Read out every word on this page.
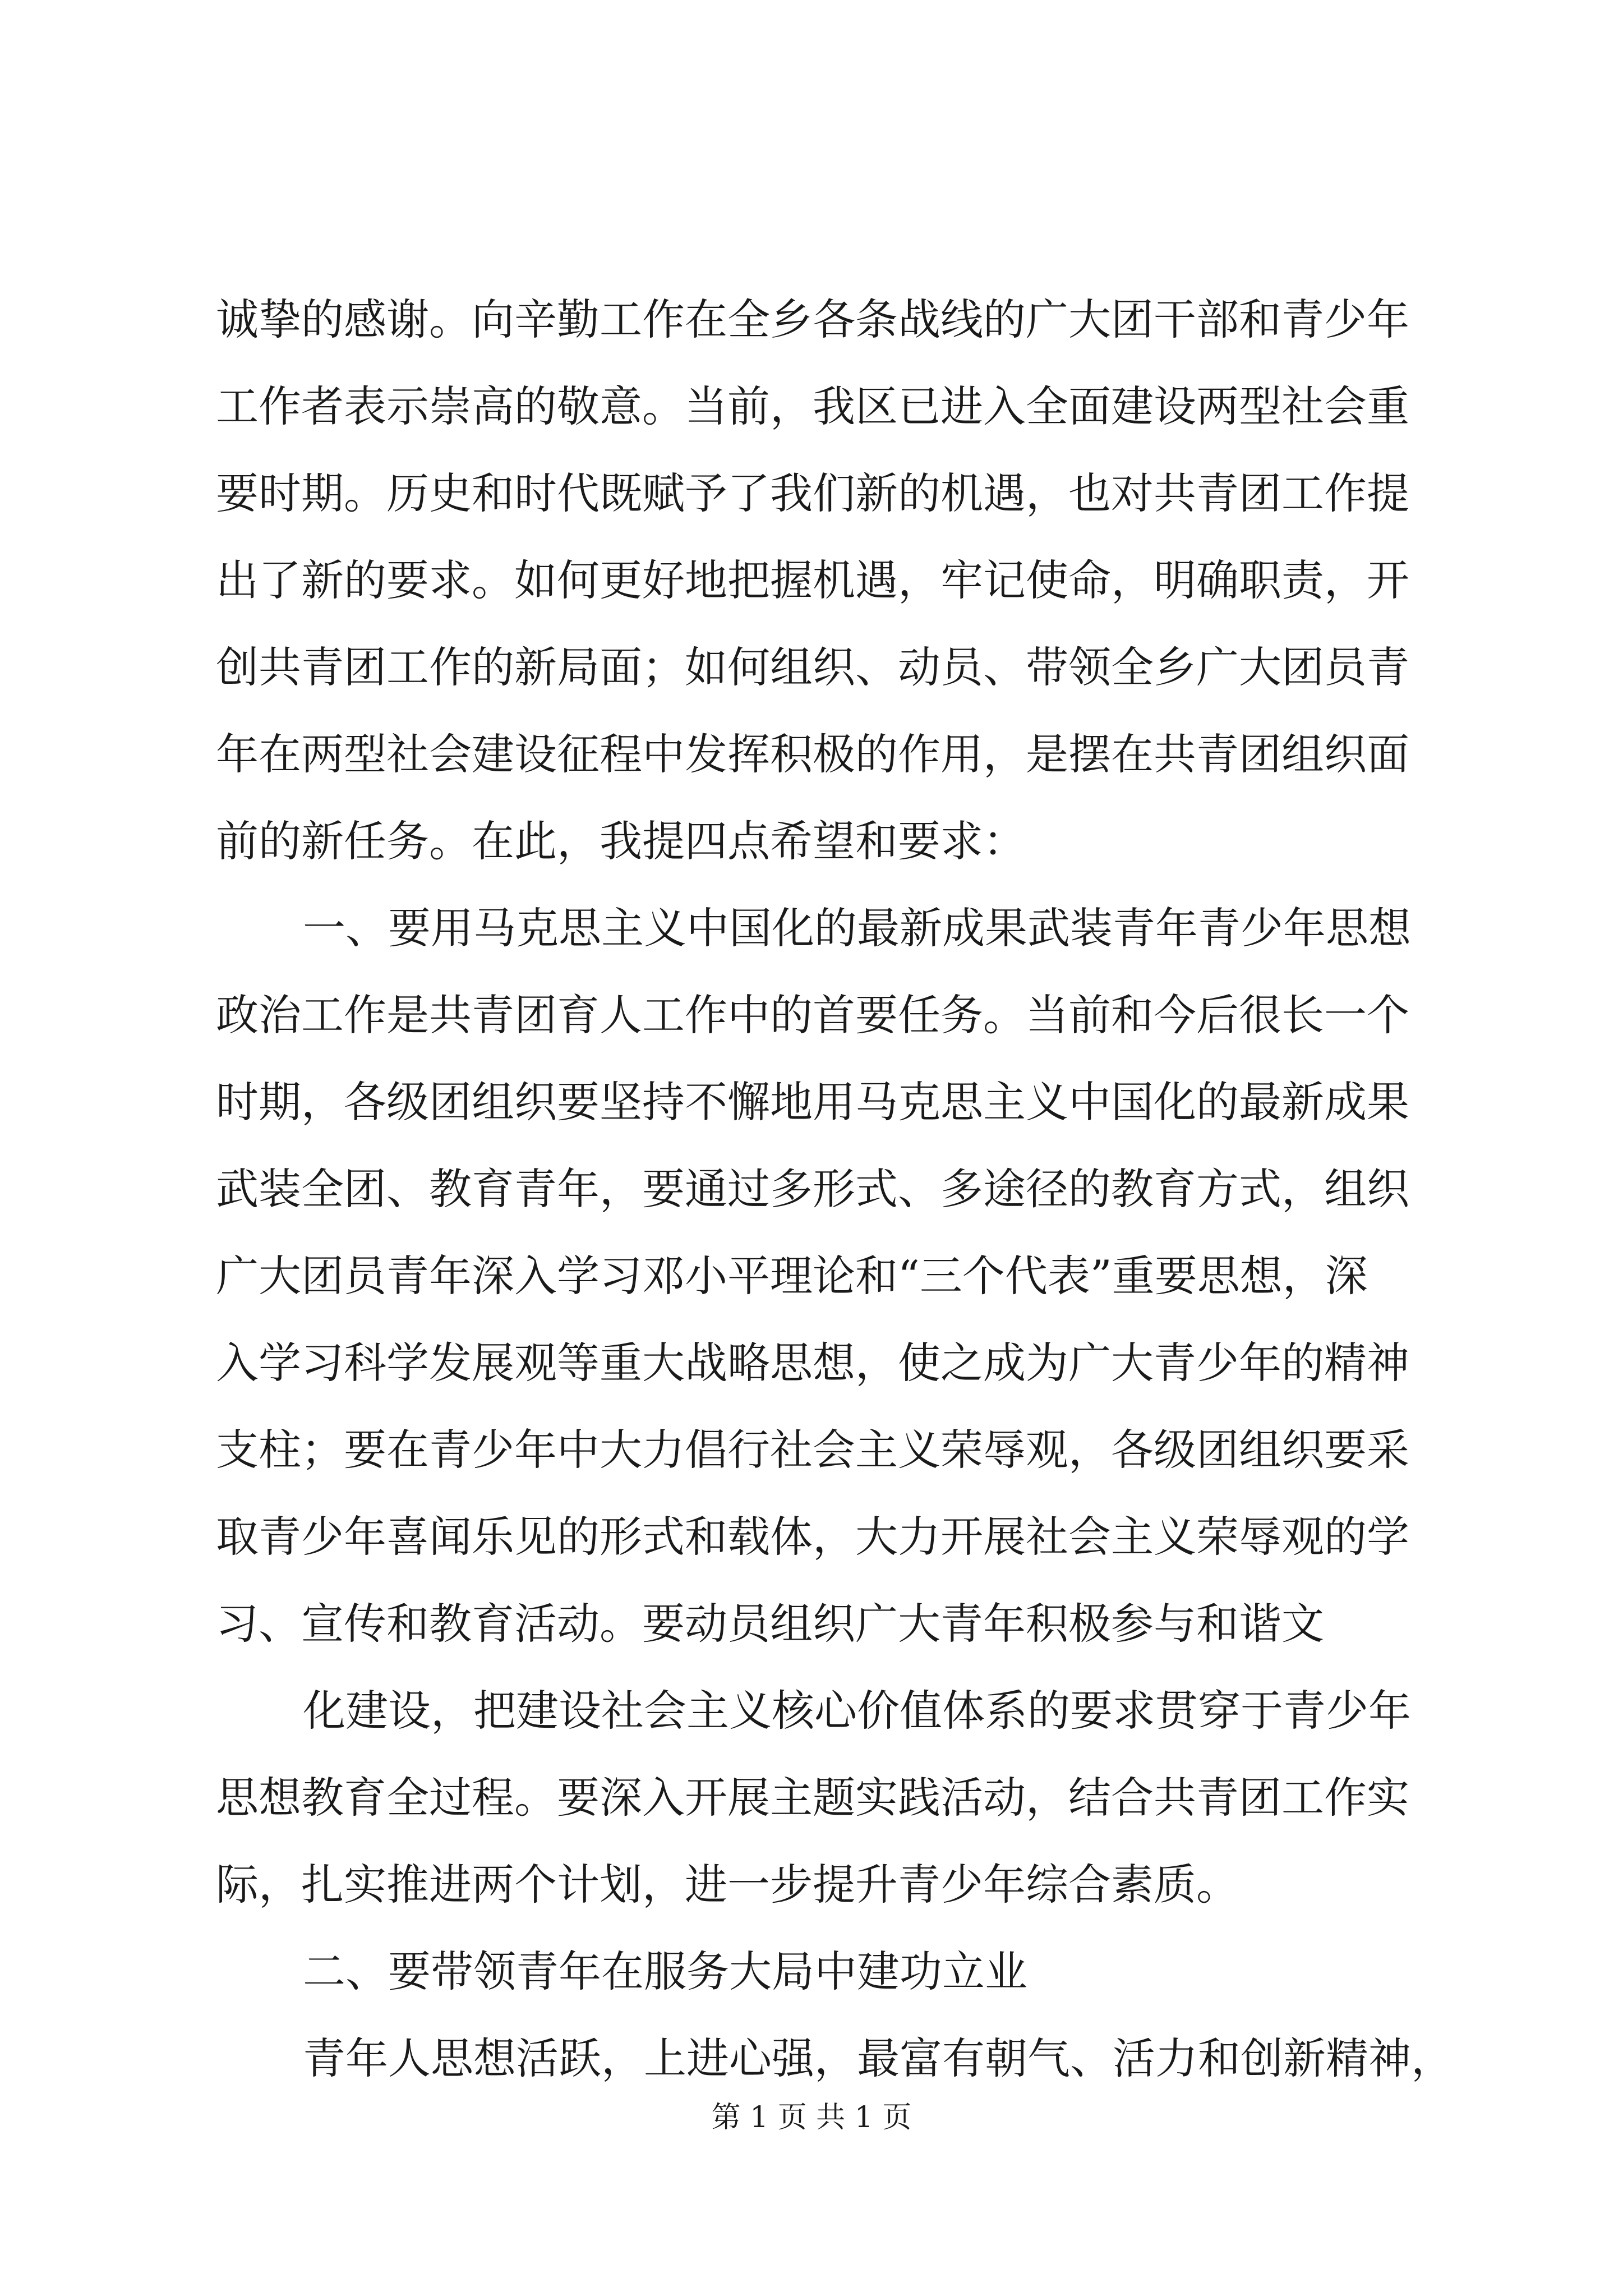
诚挚的感谢。向辛勤工作在全乡各条战线的广大团干部和青少年
工作者表示崇高的敬意。当前，我区已进入全面建设两型社会重
要时期。历史和时代既赋予了我们新的机遇，也对共青团工作提
出了新的要求。如何更好地把握机遇，牢记使命，明确职责，开
创共青团工作的新局面；如何组织、动员、带领全乡广大团员青
年在两型社会建设征程中发挥积极的作用，是摆在共青团组织面
前的新任务。在此，我提四点希望和要求：
一、要用马克思主义中国化的最新成果武装青年青少年思想
政治工作是共青团育人工作中的首要任务。当前和今后很长一个
时期，各级团组织要坚持不懈地用马克思主义中国化的最新成果
武装全团、教育青年，要通过多形式、多途径的教育方式，组织
广大团员青年深入学习邓小平理论和“三个代表”重要思想，深
入学习科学发展观等重大战略思想，使之成为广大青少年的精神
支柱；要在青少年中大力倡行社会主义荣辱观，各级团组织要采
取青少年喜闻乐见的形式和载体，大力开展社会主义荣辱观的学
习、宣传和教育活动。要动员组织广大青年积极参与和谐文
化建设，把建设社会主义核心价值体系的要求贯穿于青少年
思想教育全过程。要深入开展主题实践活动，结合共青团工作实
际，扎实推进两个计划，进一步提升青少年综合素质。
二、要带领青年在服务大局中建功立业
青年人思想活跃，上进心强，最富有朝气、活力和创新精神，
第 1 页 共 1 页
